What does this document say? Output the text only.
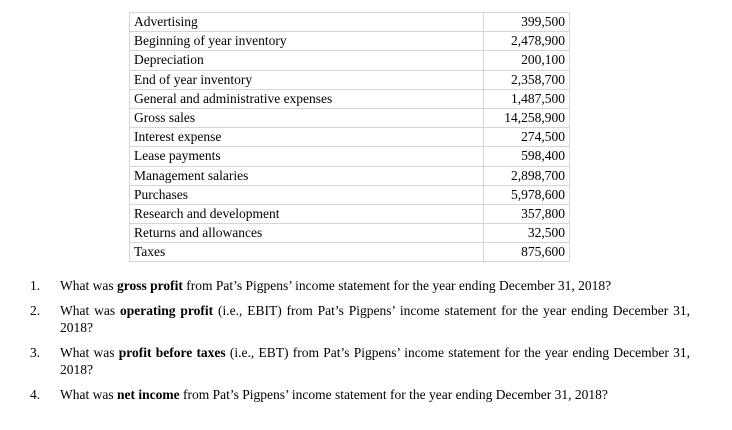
Advertising	399,500
Beginning of year inventory	2,478,900
Depreciation	200,100
End of year inventory	2,358,700
General and administrative expenses	1,487,500
Gross sales	14,258,900
Interest expense	274,500
Lease payments	598,400
Management salaries	2,898,700
Purchases	5,978,600
Research and development	357,800
Returns and allowances	32,500
Taxes	875,600
1.	What was gross profit from Pat’s Pigpens’ income statement for the year ending December 31, 2018?
2.	What was operating profit (i.e., EBIT) from Pat’s Pigpens’ income statement for the year ending December 31, 2018?
3.	What was profit before taxes (i.e., EBT) from Pat’s Pigpens’ income statement for the year ending December 31, 2018?
4.	What was net income from Pat’s Pigpens’ income statement for the year ending December 31, 2018?
